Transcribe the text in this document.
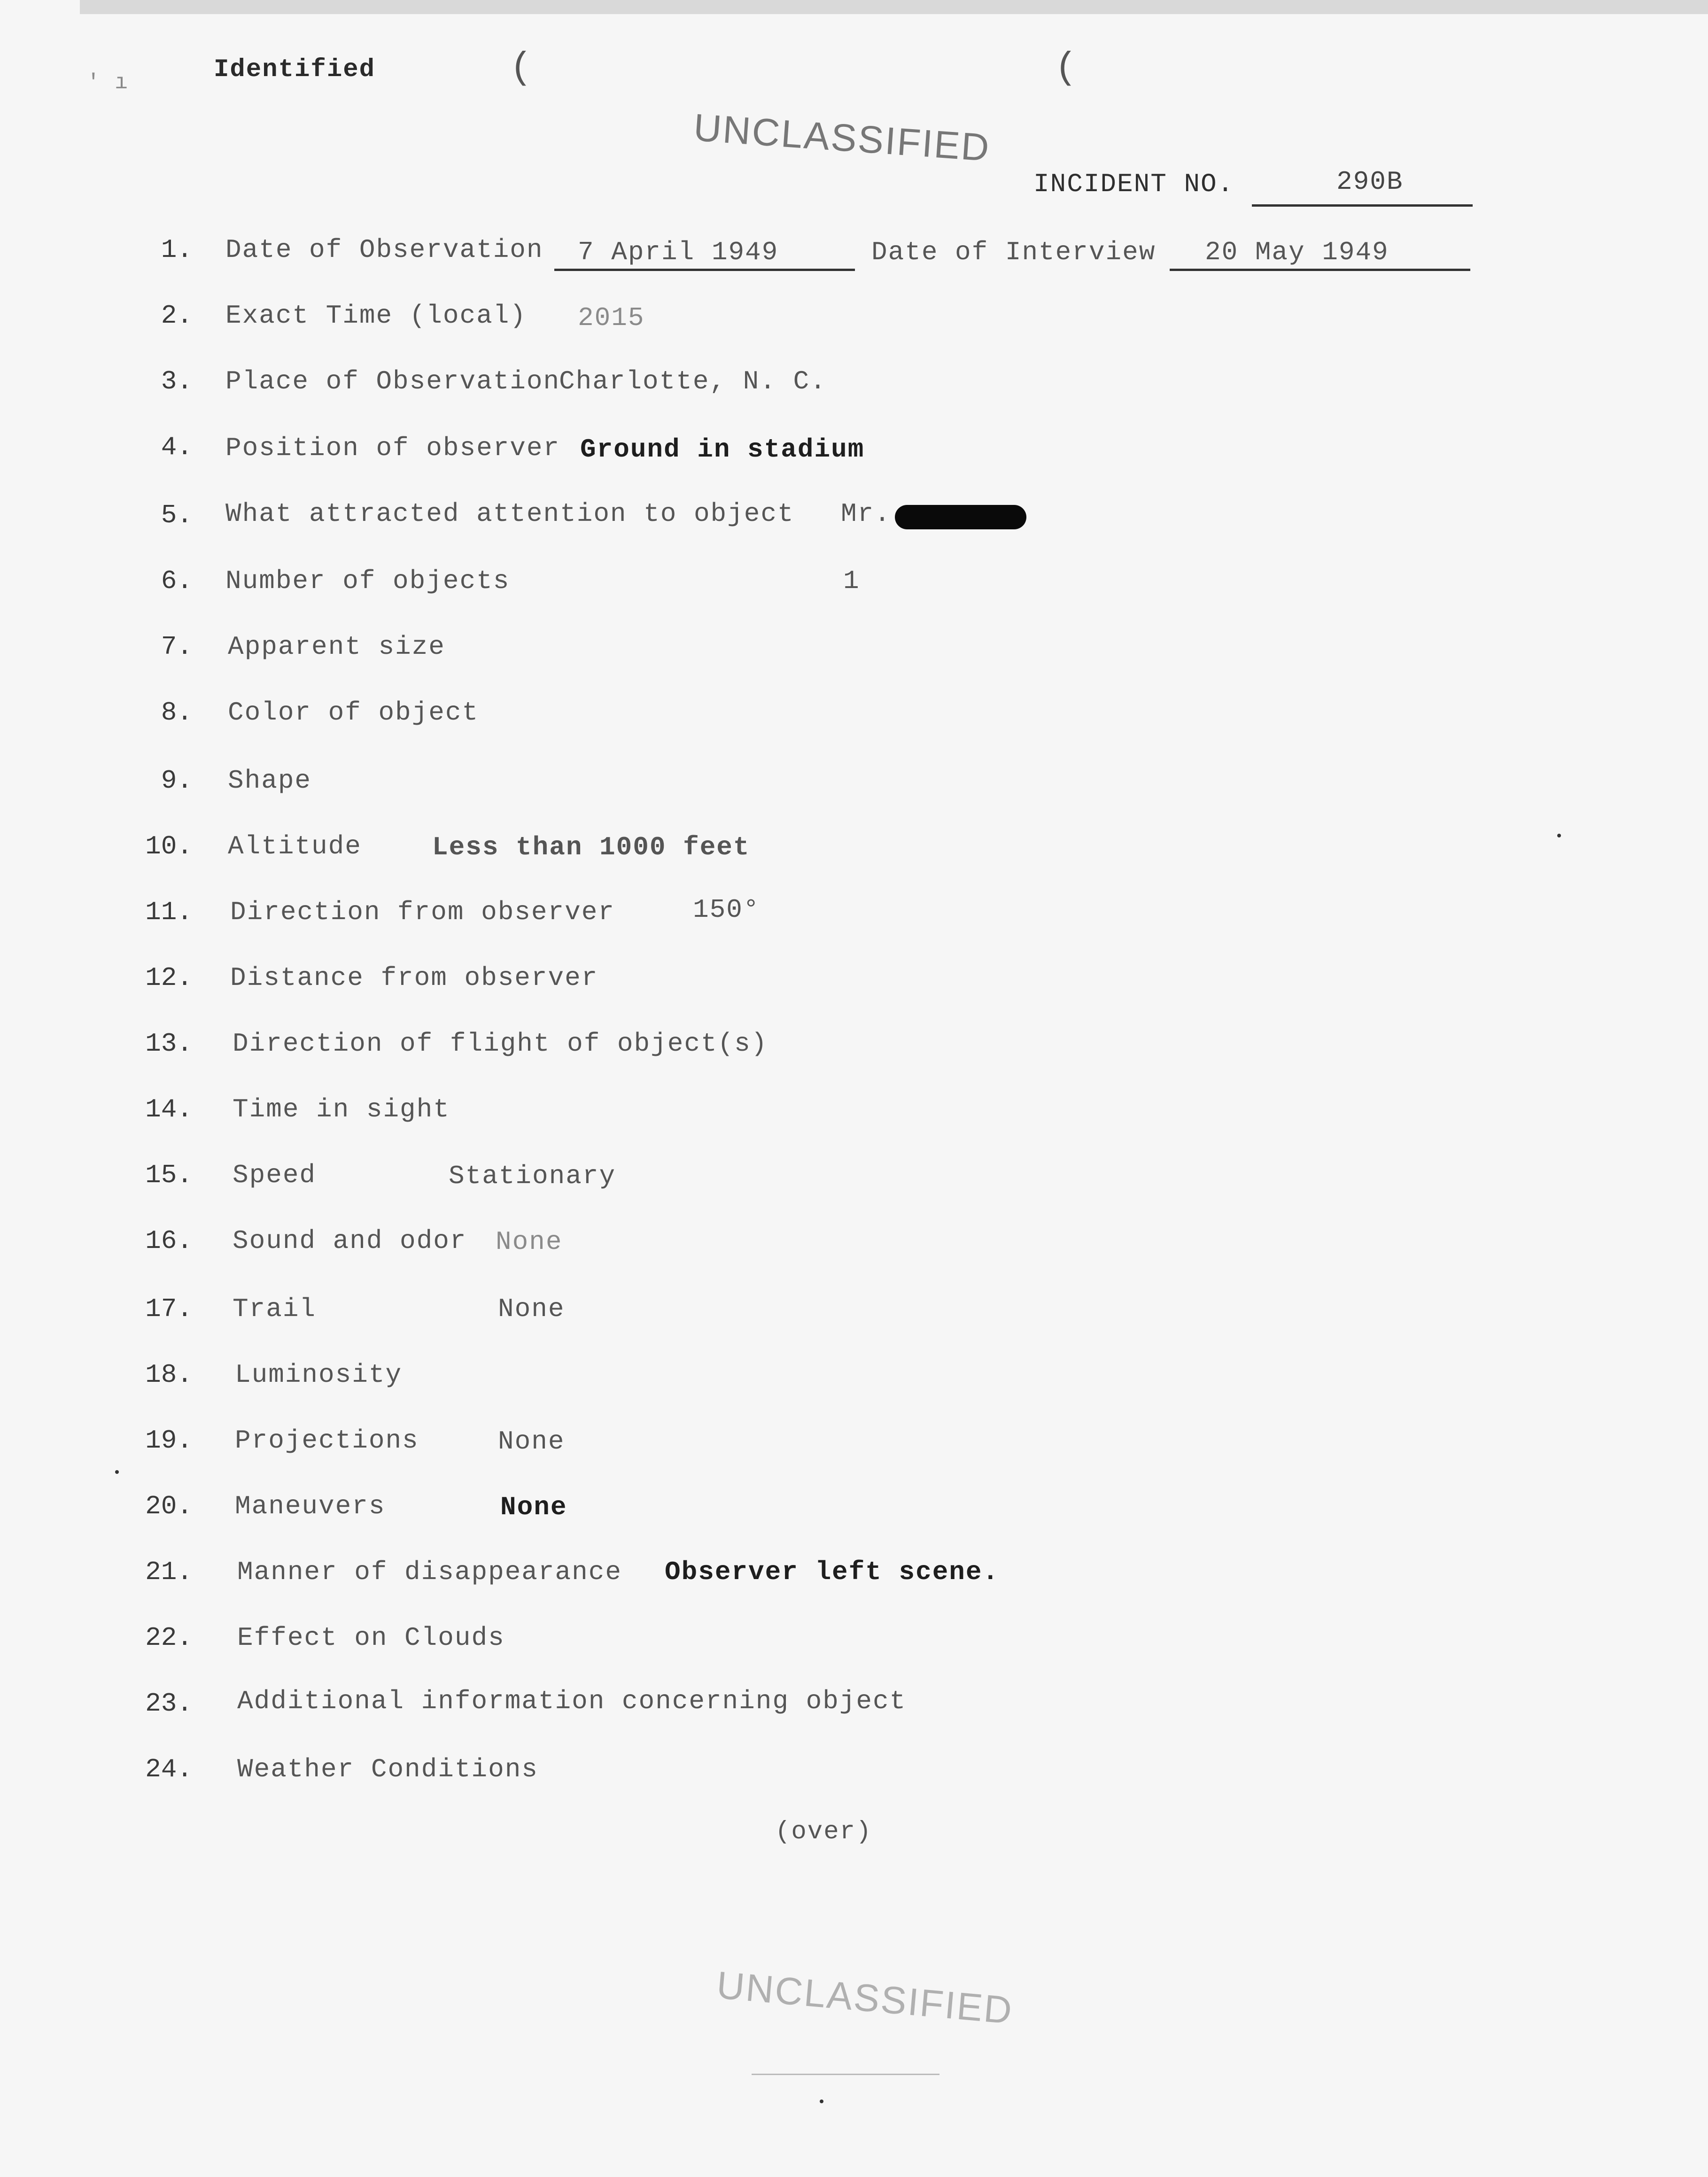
' ı	Identified	(	(
UNCLASSIFIED
INCIDENT NO.	290B
1. Date of Observation 7 April 1949	Date of Interview 20 May 1949
2. Exact Time (local) 2015
3. Place of Observation
Charlotte, N. C.
4. Position of observer Ground in stadium
5. What attracted attention to object Mr.
6. Number of objects	1
7. Apparent size
8. Color of object
9. Shape
10. Altitude	Less than 1000 feet
11. Direction from observer	150°
12. Distance from observer
13. Direction of flight of object(s)
14. Time in sight
15. Speed	Stationary
16. Sound and odor None
17. Trail	None
18. Luminosity
19. Projections	None
20. Maneuvers	None
21. Manner of disappearance Observer left scene.
22. Effect on Clouds
23. Additional information concerning object
24. Weather Conditions
(over)
UNCLASSIFIED
